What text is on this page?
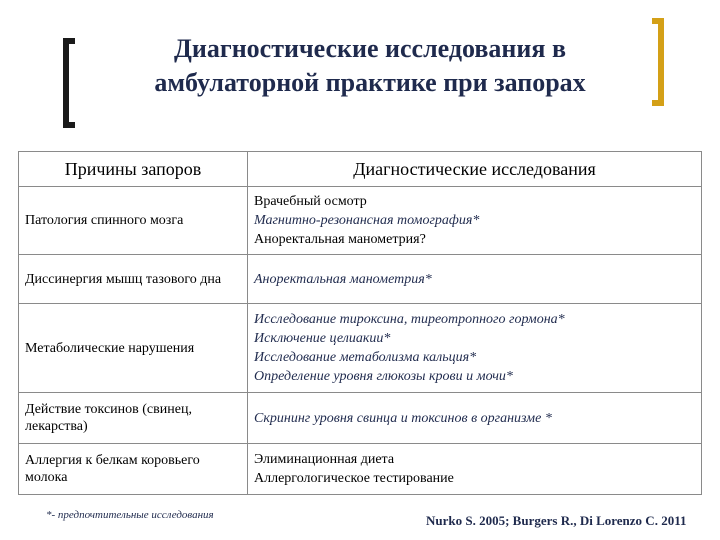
Диагностические исследования в
амбулаторной практике при запорах
Причины запоров	Диагностические исследования
Патология спинного мозга	Врачебный осмотр
Магнитно-резонансная томография*
Аноректальная манометрия?

Диссинергия мышц тазового дна	Аноректальная манометрия*

Метаболические нарушения	Исследование тироксина, тиреотропного гормона*
Исключение целиакии*
Исследование метаболизма кальция*
Определение уровня глюкозы крови и мочи*

Действие токсинов (свинец, лекарства)	Скрининг уровня свинца и токсинов в организме *

Аллергия к белкам коровьего молока	Элиминационная диета
Аллергологическое тестирование
*- предпочтительные исследования	Nurko S. 2005; Burgers R., Di Lorenzo C. 2011
